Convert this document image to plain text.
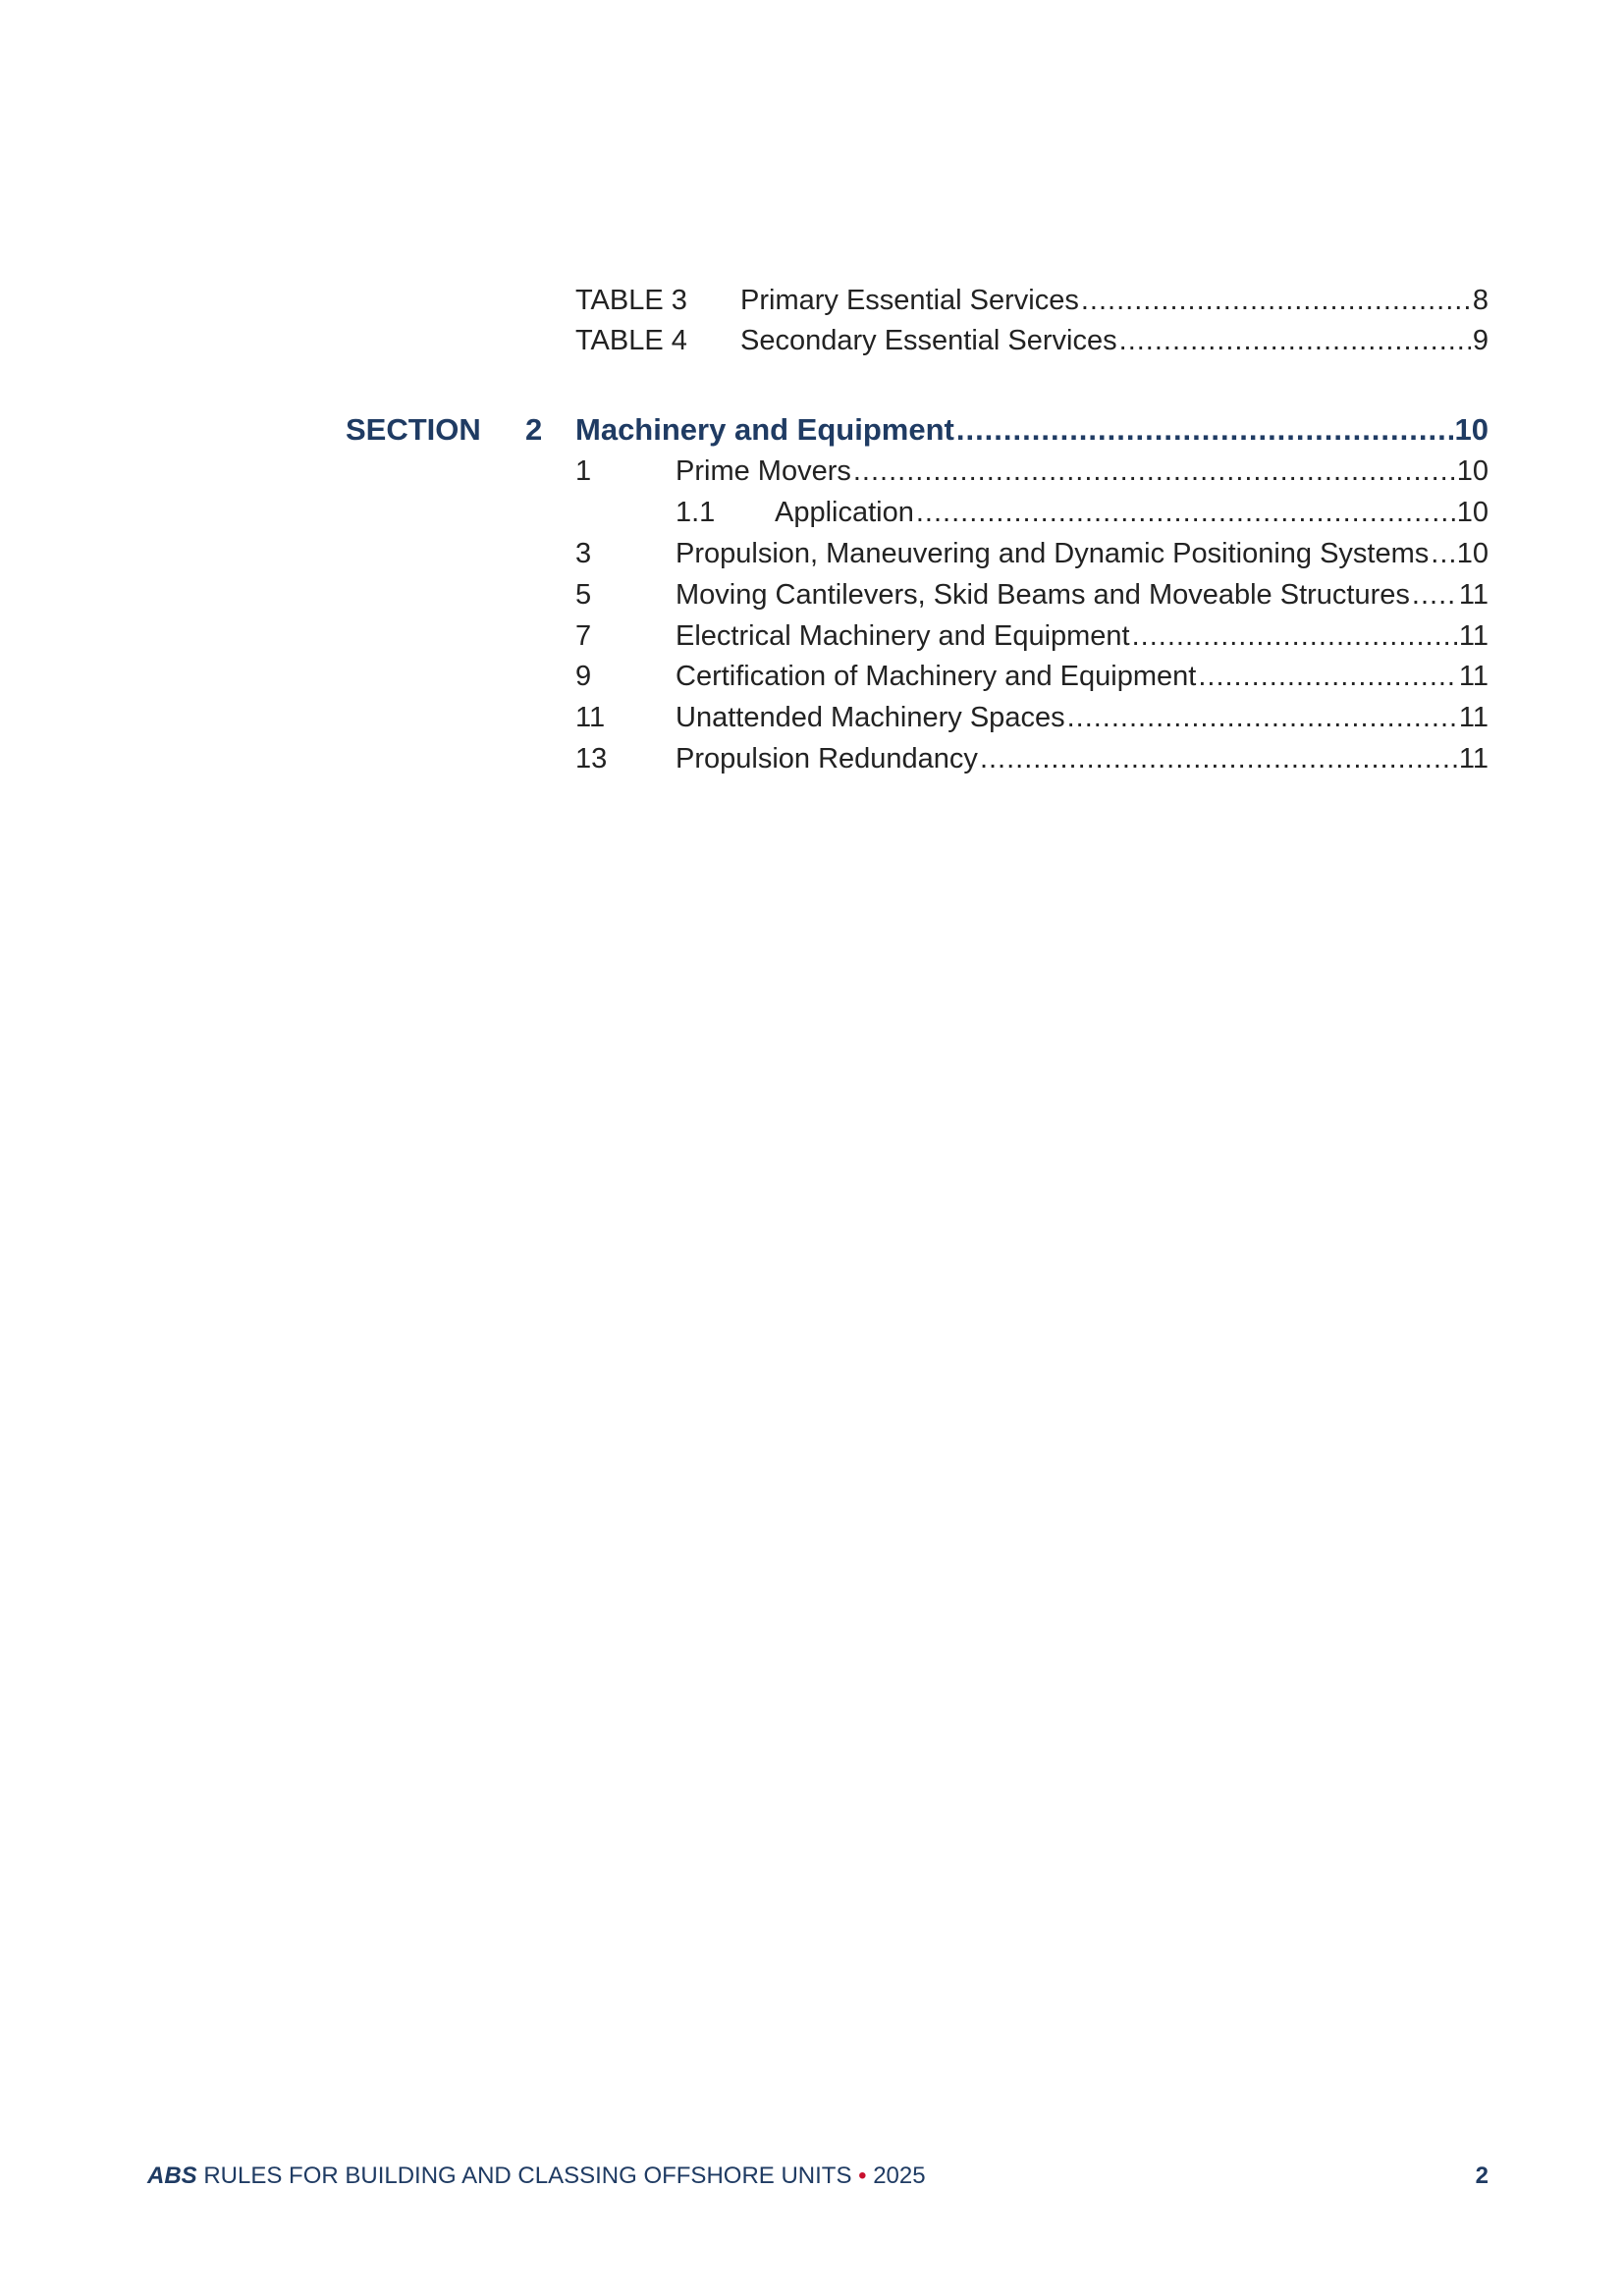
TABLE 3 Primary Essential Services .....	8
TABLE 4 Secondary Essential Services .....	9
SECTION 2 Machinery and Equipment .....	10
1	Prime Movers .....	10
1.1 Application .....	10
3	Propulsion, Maneuvering and Dynamic Positioning Systems ..... 10
5	Moving Cantilevers, Skid Beams and Moveable Structures ..... 11
7	Electrical Machinery and Equipment .....	11
9	Certification of Machinery and Equipment .....	11
11 Unattended Machinery Spaces .....	11
13 Propulsion Redundancy .....	11
ABS RULES FOR BUILDING AND CLASSING OFFSHORE UNITS • 2025	2
